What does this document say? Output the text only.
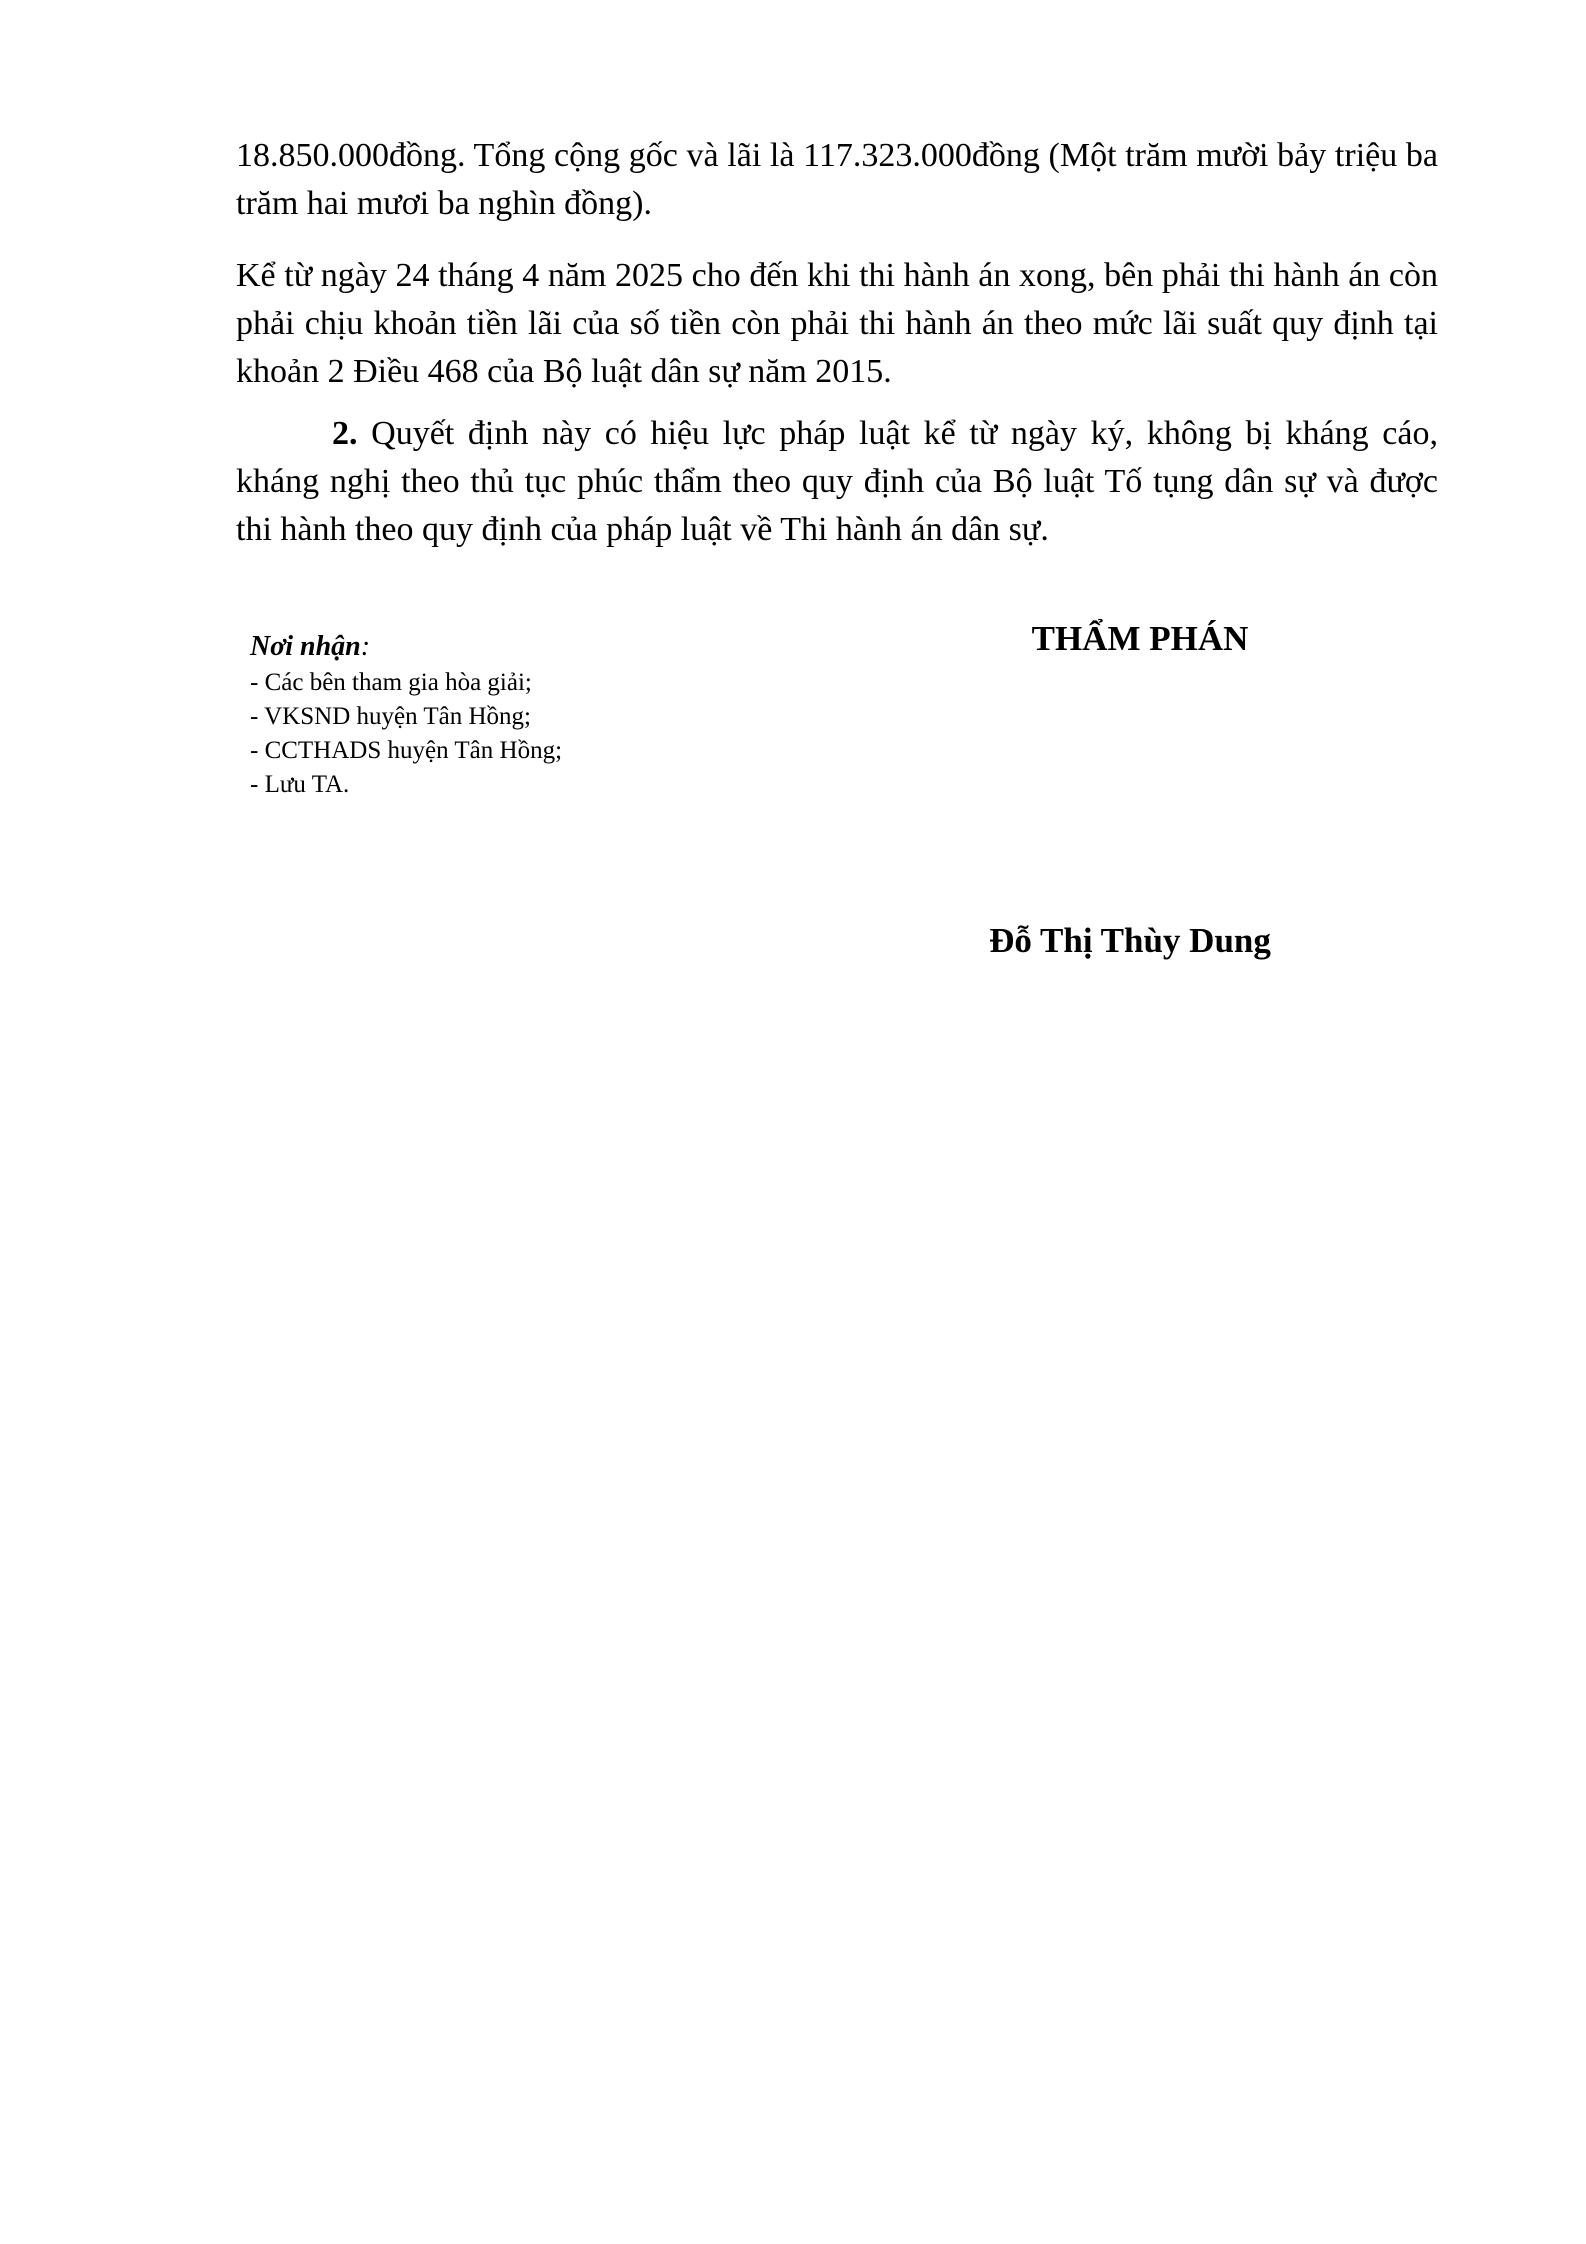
18.850.000đồng. Tổng cộng gốc và lãi là 117.323.000đồng (Một trăm mười bảy triệu ba trăm hai mươi ba nghìn đồng).

Kể từ ngày 24 tháng 4 năm 2025 cho đến khi thi hành án xong, bên phải thi hành án còn phải chịu khoản tiền lãi của số tiền còn phải thi hành án theo mức lãi suất quy định tại khoản 2 Điều 468 của Bộ luật dân sự năm 2015.

2. Quyết định này có hiệu lực pháp luật kể từ ngày ký, không bị kháng cáo, kháng nghị theo thủ tục phúc thẩm theo quy định của Bộ luật Tố tụng dân sự và được thi hành theo quy định của pháp luật về Thi hành án dân sự.

Nơi nhận:
- Các bên tham gia hòa giải;
- VKSND huyện Tân Hồng;
- CCTHADS huyện Tân Hồng;
- Lưu TA.
THẨM PHÁN
Đỗ Thị Thùy Dung
